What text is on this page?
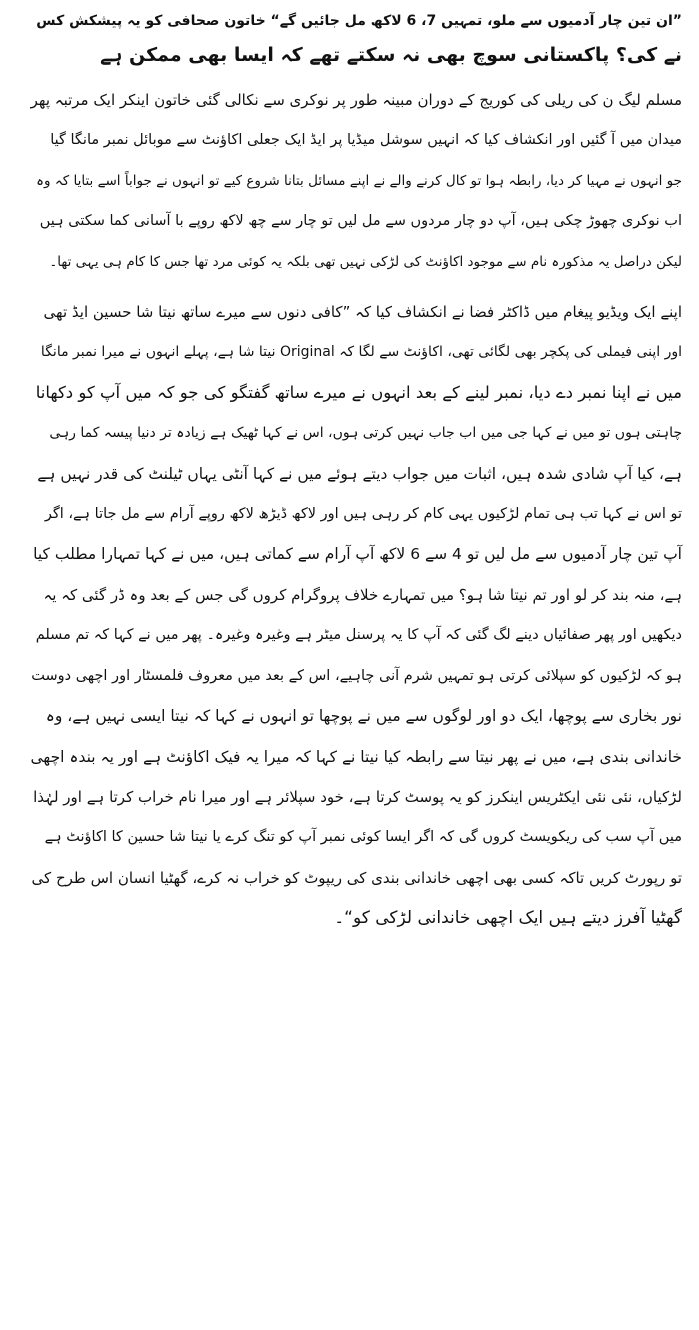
”ان تین چار آدمیوں سے ملو، تمہیں 7، 6 لاکھ مل جائیں گے“ خاتون صحافی کو یہ پیشکش کس
نے کی؟ پاکستانی سوچ بھی نہ سکتے تھے کہ ایسا بھی ممکن ہے
مسلم لیگ ن کی ریلی کی کوریج کے دوران مبینہ طور پر نوکری سے نکالی گئی خاتون اینکر ایک مرتبہ پھر
میدان میں آ گئیں اور انکشاف کیا کہ انہیں سوشل میڈیا پر ایڈ ایک جعلی اکاؤنٹ سے موبائل نمبر مانگا گیا
جو انہوں نے مہیا کر دیا، رابطہ ہوا تو کال کرنے والے نے اپنے مسائل بتانا شروع کیے تو انہوں نے جواباً اسے بتایا کہ وہ
اب نوکری چھوڑ چکی ہیں، آپ دو چار مردوں سے مل لیں تو چار سے چھ لاکھ روپے با آسانی کما سکتی ہیں
لیکن دراصل یہ مذکورہ نام سے موجود اکاؤنٹ کی لڑکی نہیں تھی بلکہ یہ کوئی مرد تھا جس کا کام ہی یہی تھا۔
اپنے ایک ویڈیو پیغام میں ڈاکٹر فضا نے انکشاف کیا کہ ”کافی دنوں سے میرے ساتھ نیتا شا حسین ایڈ تھی
اور اپنی فیملی کی پکچر بھی لگائی تھی، اکاؤنٹ سے لگا کہ Original نیتا شا ہے، پہلے انہوں نے میرا نمبر مانگا
میں نے اپنا نمبر دے دیا، نمبر لینے کے بعد انہوں نے میرے ساتھ گفتگو کی جو کہ میں آپ کو دکھانا
چاہتی ہوں تو میں نے کہا جی میں اب جاب نہیں کرتی ہوں، اس نے کہا ٹھیک ہے زیادہ تر دنیا پیسہ کما رہی
ہے، کیا آپ شادی شدہ ہیں، اثبات میں جواب دیتے ہوئے میں نے کہا آنٹی یہاں ٹیلنٹ کی قدر نہیں ہے
تو اس نے کہا تب ہی تمام لڑکیوں یہی کام کر رہی ہیں اور لاکھ ڈیڑھ لاکھ روپے آرام سے مل جاتا ہے، اگر
آپ تین چار آدمیوں سے مل لیں تو 4 سے 6 لاکھ آپ آرام سے کماتی ہیں، میں نے کہا تمہارا مطلب کیا
ہے، منہ بند کر لو اور تم نیتا شا ہو؟ میں تمہارے خلاف پروگرام کروں گی جس کے بعد وہ ڈر گئی کہ یہ
دیکھیں اور پھر صفائیاں دینے لگ گئی کہ آپ کا یہ پرسنل میٹر ہے وغیرہ وغیرہ۔ پھر میں نے کہا کہ تم مسلم
ہو کہ لڑکیوں کو سپلائی کرتی ہو تمہیں شرم آنی چاہیے، اس کے بعد میں معروف فلمسٹار اور اچھی دوست
نور بخاری سے پوچھا، ایک دو اور لوگوں سے میں نے پوچھا تو انہوں نے کہا کہ نیتا ایسی نہیں ہے، وہ
خاندانی بندی ہے، میں نے پھر نیتا سے رابطہ کیا نیتا نے کہا کہ میرا یہ فیک اکاؤنٹ ہے اور یہ بندہ اچھی
لڑکیاں، نئی نئی ایکٹریس اینکرز کو یہ پوسٹ کرتا ہے، خود سپلائر ہے اور میرا نام خراب کرتا ہے اور لہٰذا
میں آپ سب کی ریکویسٹ کروں گی کہ اگر ایسا کوئی نمبر آپ کو تنگ کرے یا نیتا شا حسین کا اکاؤنٹ ہے
تو رپورٹ کریں تاکہ کسی بھی اچھی خاندانی بندی کی ریپوٹ کو خراب نہ کرے، گھٹیا انسان اس طرح کی
گھٹیا آفرز دیتے ہیں ایک اچھی خاندانی لڑکی کو“۔
